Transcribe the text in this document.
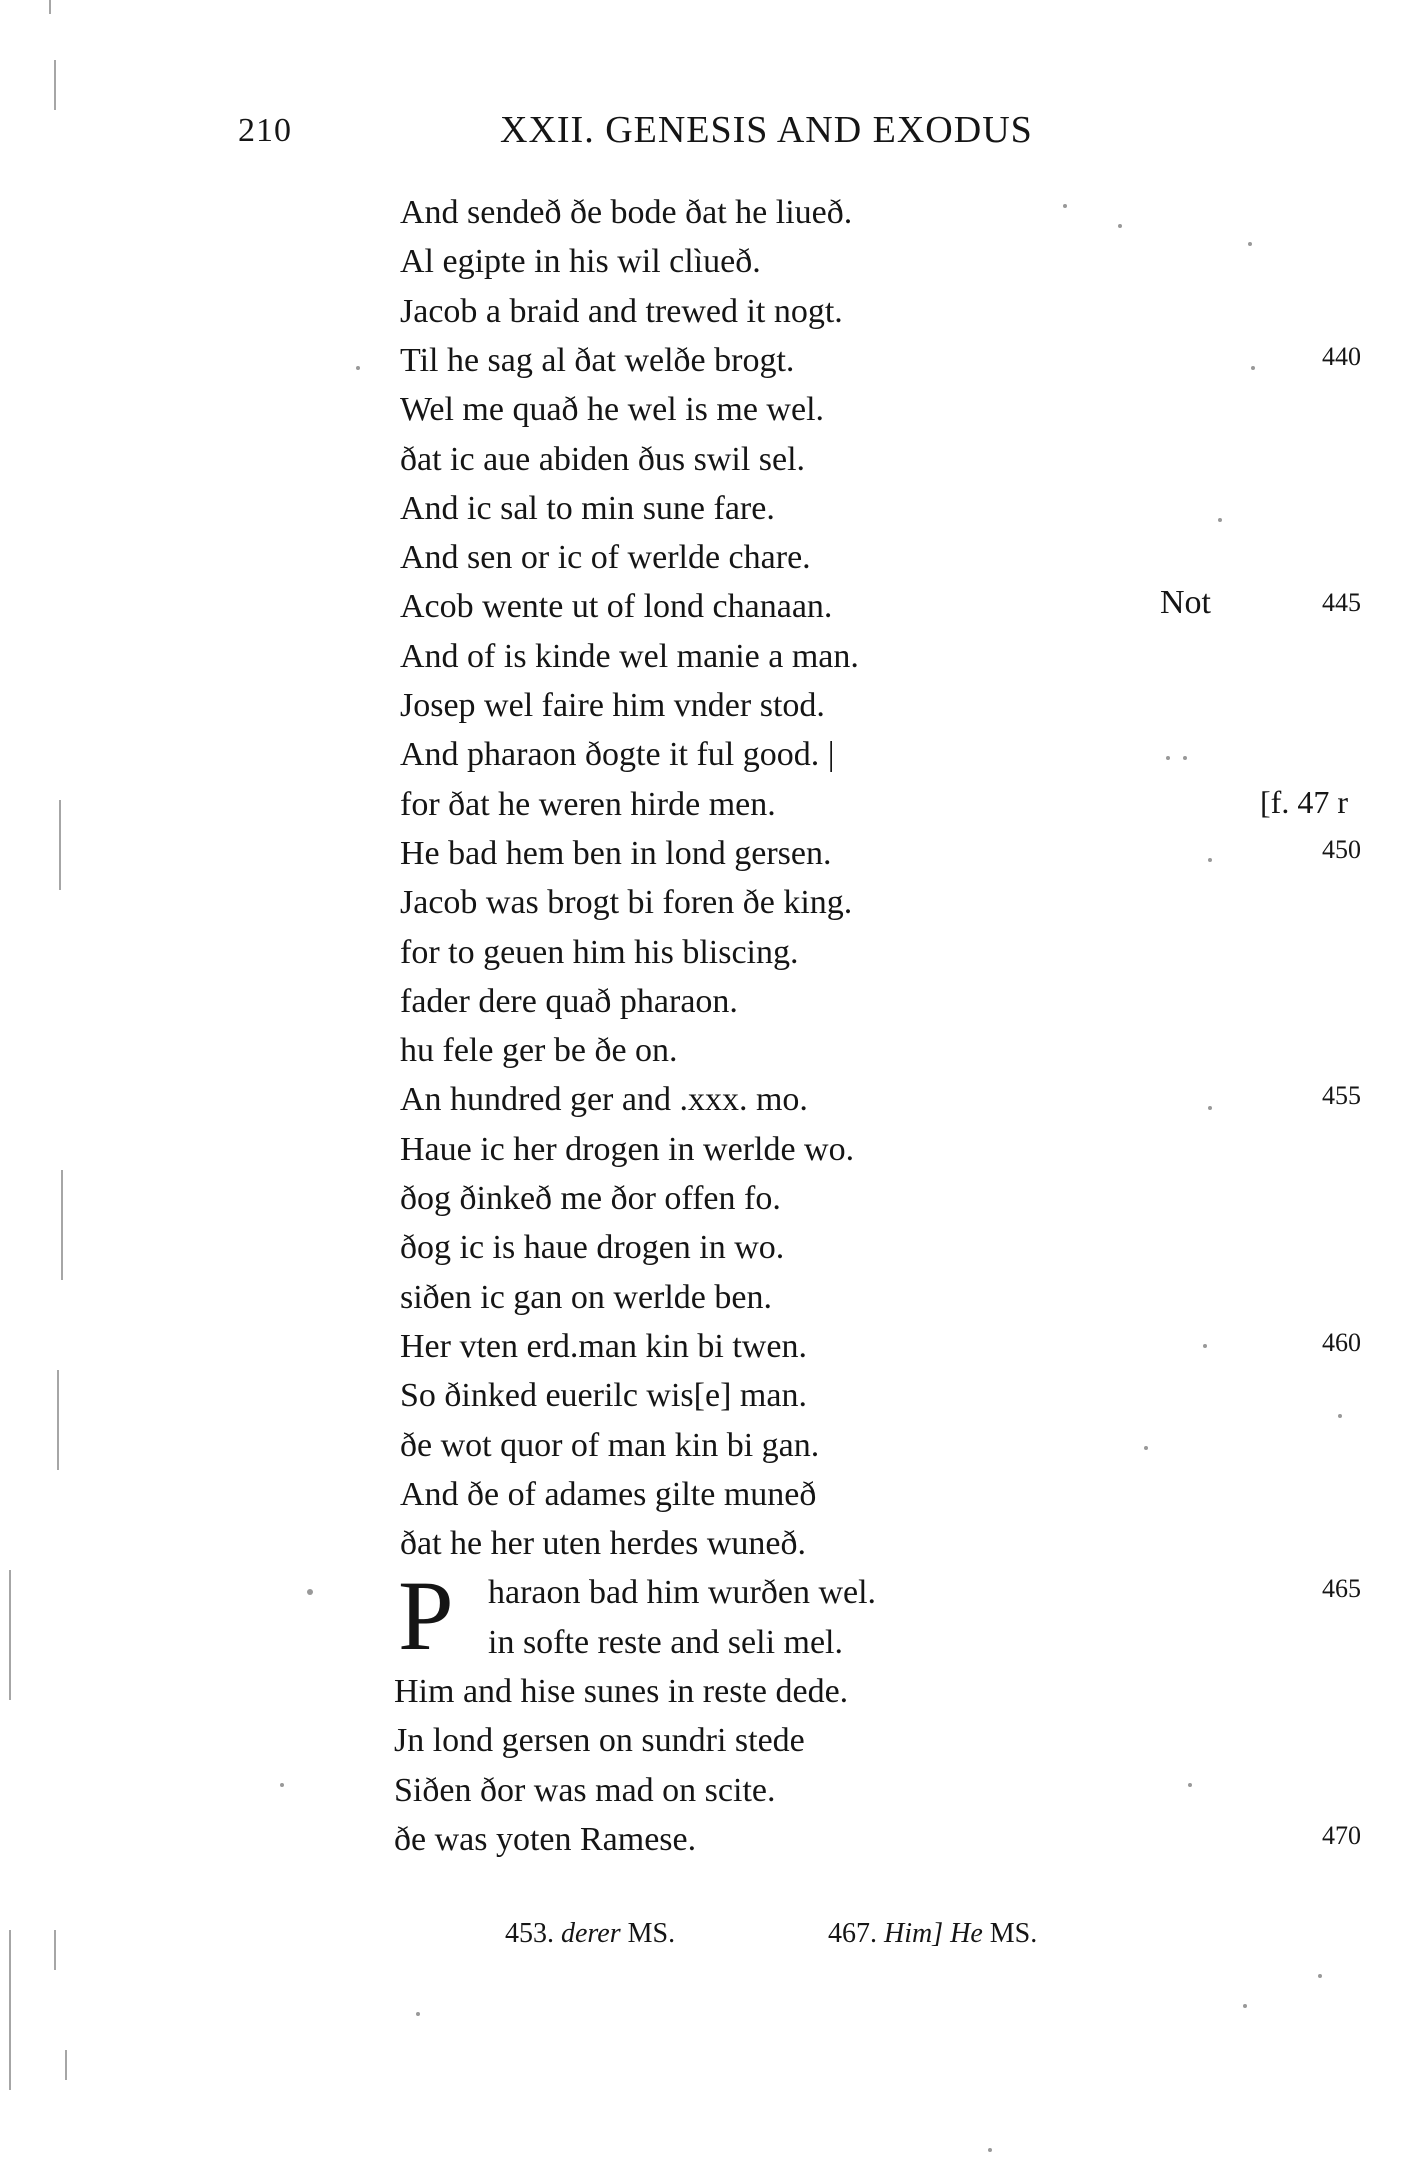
210	XXII. GENESIS AND EXODUS
And sendeð ðe bode ðat he liueð.
Al egipte in his wil clìueð.
Jacob a braid and trewed it nogt.
Til he sag al ðat welðe brogt.	440
Wel me quað he wel is me wel.
ðat ic aue abiden ðus swil sel.
And ic sal to min sune fare.
And sen or ic of werlde chare.
Acob wente ut of lond chanaan.	445
Not
And of is kinde wel manie a man.
Josep wel faire him vnder stod.
And pharaon ðogte it ful good. |
for ðat he weren hirde men.	[f. 47 r
He bad hem ben in lond gersen.	450
Jacob was brogt bi foren ðe king.
for to geuen him his bliscing.
fader dere quað pharaon.
hu fele ger be ðe on.
An hundred ger and .xxx. mo.	455
Haue ic her drogen in werlde wo.
ðog ðinkeð me ðor offen fo.
ðog ic is haue drogen in wo.
siðen ic gan on werlde ben.
Her vten erd.man kin bi twen.	460
So ðinked euerilc wis[e] man.
ðe wot quor of man kin bi gan.
And ðe of adames gilte muneð
ðat he her uten herdes wuneð.
haraon bad him wurðen wel.	465
in softe reste and seli mel.
Him and hise sunes in reste dede.
Jn lond gersen on sundri stede
Siðen ðor was mad on scite.
ðe was yoten Ramese.	470
P
453. derer MS.	467. Him] He MS.
